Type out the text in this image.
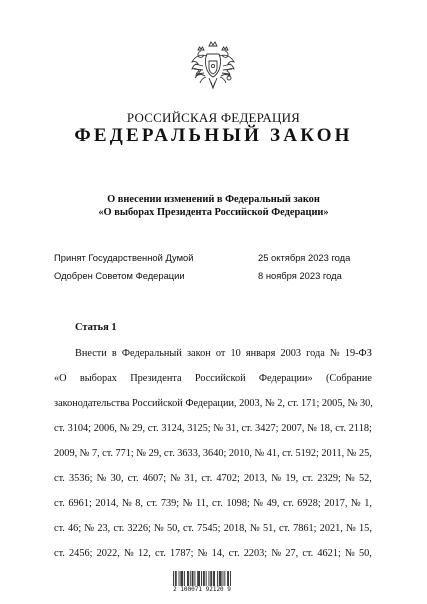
РОССИЙСКАЯ ФЕДЕРАЦИЯ
ФЕДЕРАЛЬНЫЙ ЗАКОН
О внесении изменений в Федеральный закон
«О выборах Президента Российской Федерации»
Принят Государственной Думой	25 октября 2023 года
Одобрен Советом Федерации	8 ноября 2023 года
Статья 1
Внести в Федеральный закон от 10 января 2003 года № 19-ФЗ
«О выборах Президента Российской Федерации» (Собрание
законодательства Российской Федерации, 2003, № 2, ст. 171; 2005, № 30,
ст. 3104; 2006, № 29, ст. 3124, 3125; № 31, ст. 3427; 2007, № 18, ст. 2118;
2009, № 7, ст. 771; № 29, ст. 3633, 3640; 2010, № 41, ст. 5192; 2011, № 25,
ст. 3536; № 30, ст. 4607; № 31, ст. 4702; 2013, № 19, ст. 2329; № 52,
ст. 6961; 2014, № 8, ст. 739; № 11, ст. 1098; № 49, ст. 6928; 2017, № 1,
ст. 46; № 23, ст. 3226; № 50, ст. 7545; 2018, № 51, ст. 7861; 2021, № 15,
ст. 2456; 2022, № 12, ст. 1787; № 14, ст. 2203; № 27, ст. 4621; № 50,
2 100071 92120 9
